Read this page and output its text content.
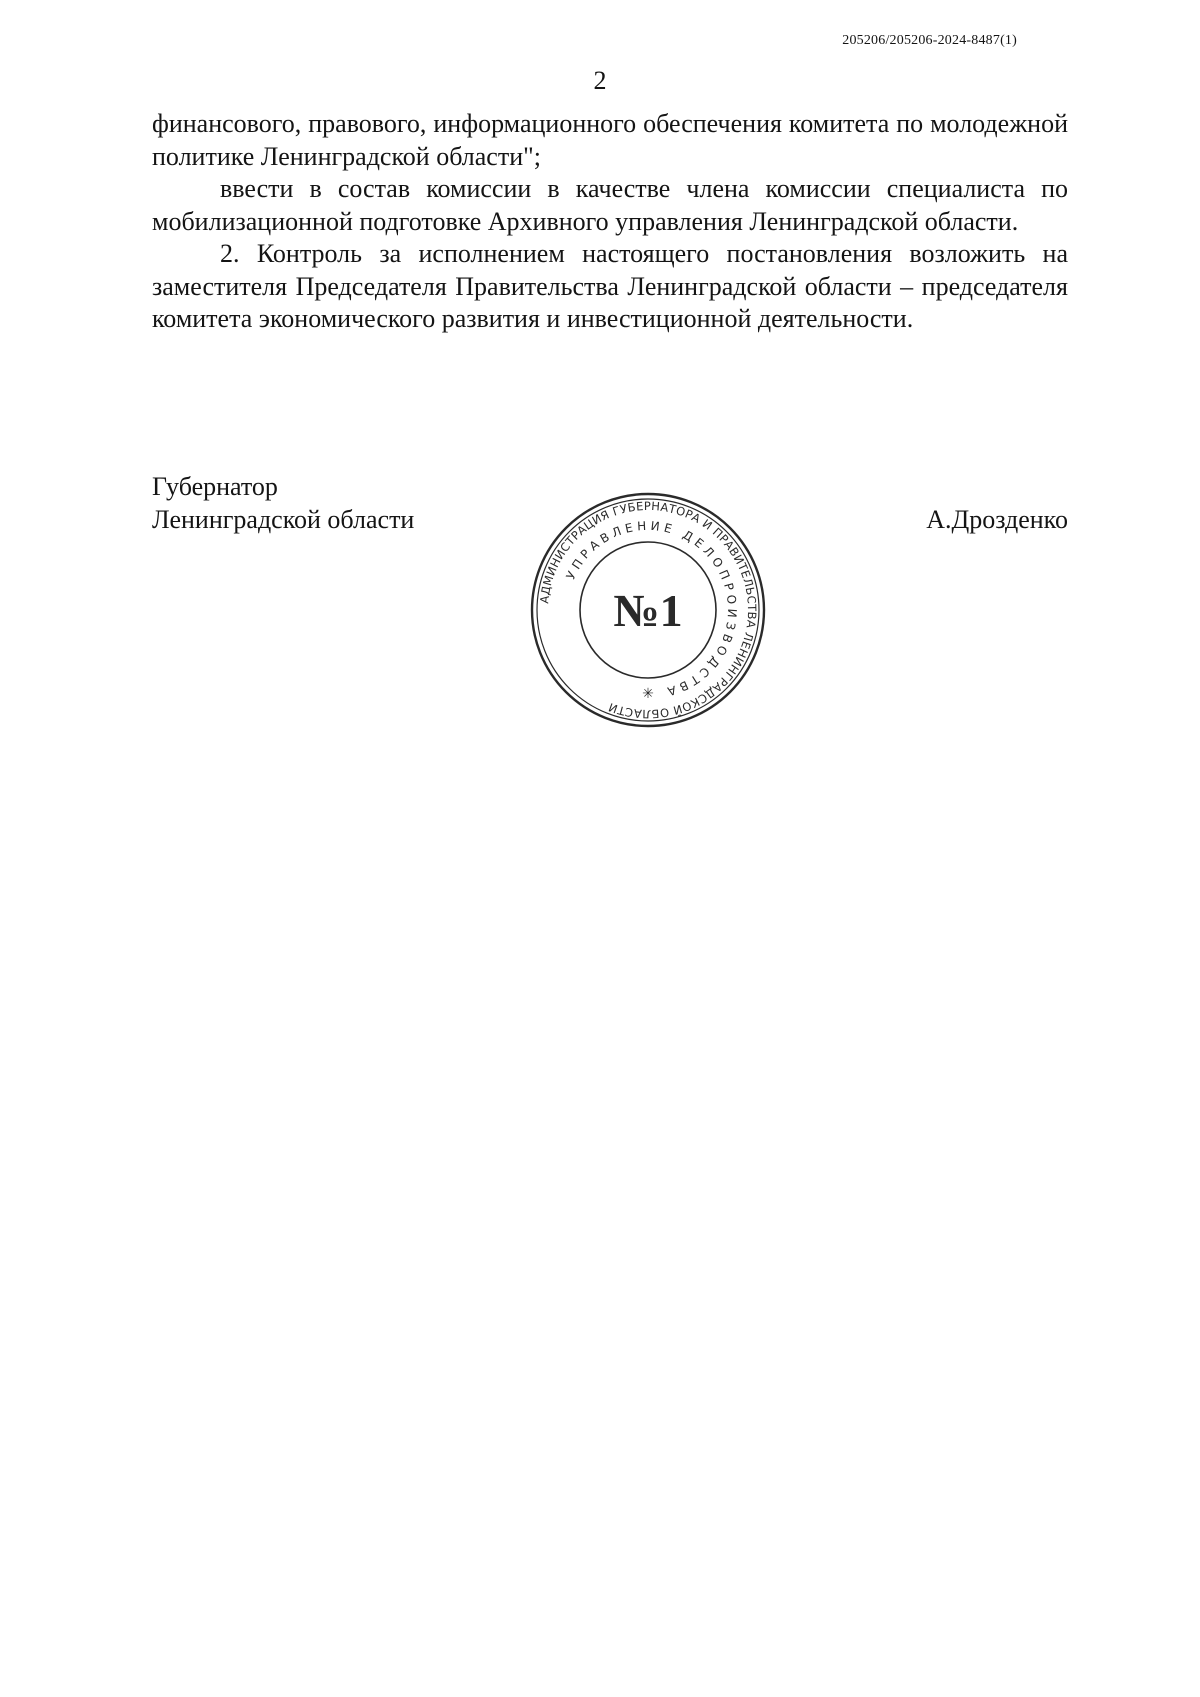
205206/205206-2024-8487(1)
2

финансового, правового, информационного обеспечения комитета по молодежной политике Ленинградской области";

ввести в состав комиссии в качестве члена комиссии специалиста по мобилизационной подготовке Архивного управления Ленинградской области.

2. Контроль за исполнением настоящего постановления возложить на заместителя Председателя Правительства Ленинградской области – председателя комитета экономического развития и инвестиционной деятельности.

Губернатор
Ленинградской области	А.Дрозденко
АДМИНИСТРАЦИЯ ГУБЕРНАТОРА И ПРАВИТЕЛЬСТВА ЛЕНИНГРАДСКОЙ ОБЛАСТИ
УПРАВЛЕНИЕ ДЕЛОПРОИЗВОДСТВА
№1
✳
